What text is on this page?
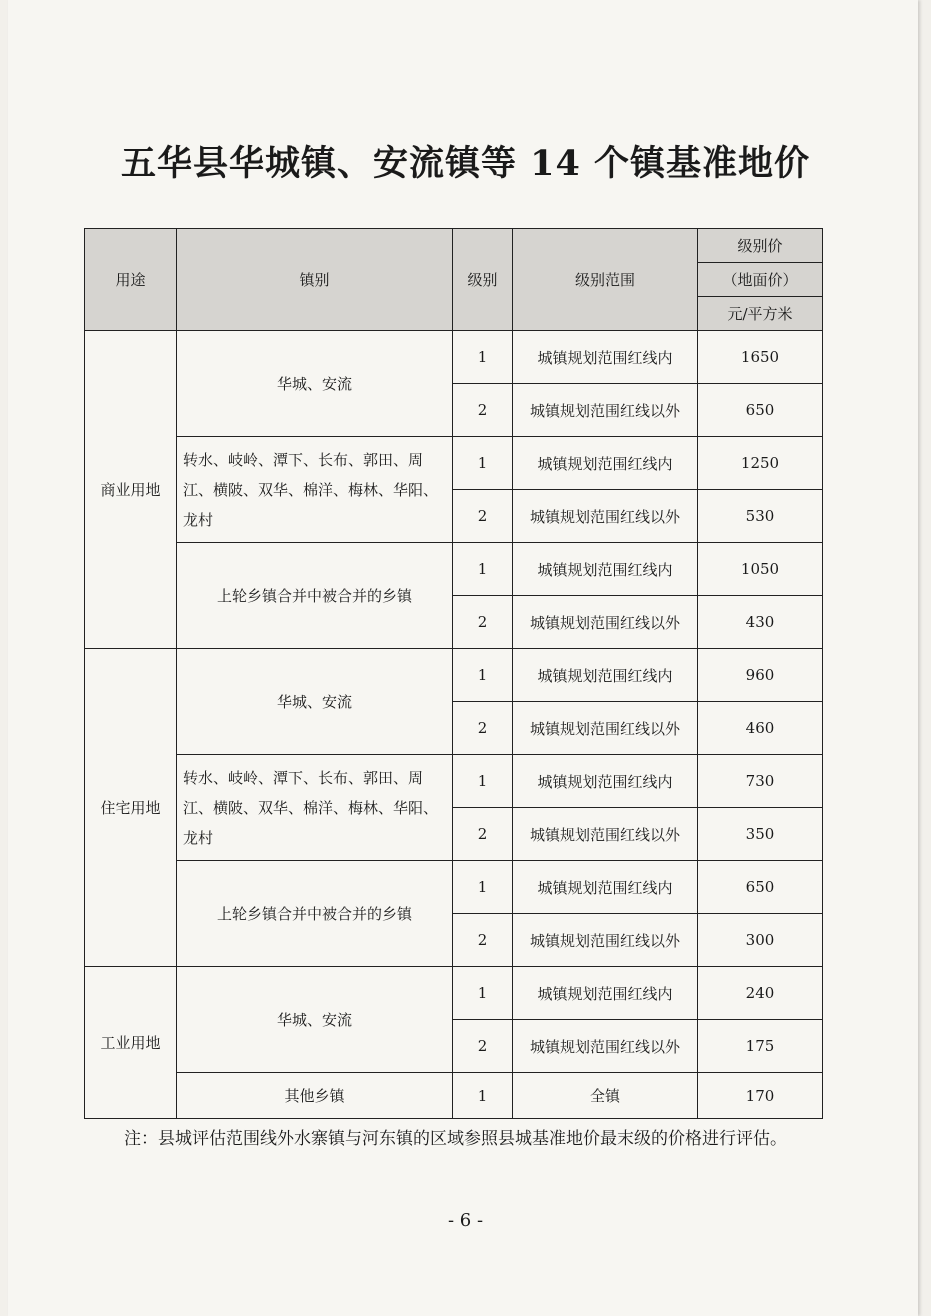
五华县华城镇、安流镇等 14 个镇基准地价
用途	镇别	级别	级别范围	级别价
				（地面价）
				元/平方米
商业用地	华城、安流	1	城镇规划范围红线内	1650
		2	城镇规划范围红线以外	650
	转水、岐岭、潭下、长布、郭田、周江、横陂、双华、棉洋、梅林、华阳、龙村	1	城镇规划范围红线内	1250
		2	城镇规划范围红线以外	530
	上轮乡镇合并中被合并的乡镇	1	城镇规划范围红线内	1050
		2	城镇规划范围红线以外	430
住宅用地	华城、安流	1	城镇规划范围红线内	960
		2	城镇规划范围红线以外	460
	转水、岐岭、潭下、长布、郭田、周江、横陂、双华、棉洋、梅林、华阳、龙村	1	城镇规划范围红线内	730
		2	城镇规划范围红线以外	350
	上轮乡镇合并中被合并的乡镇	1	城镇规划范围红线内	650
		2	城镇规划范围红线以外	300
工业用地	华城、安流	1	城镇规划范围红线内	240
		2	城镇规划范围红线以外	175
	其他乡镇	1	全镇	170
注：县城评估范围线外水寨镇与河东镇的区域参照县城基准地价最末级的价格进行评估。
- 6 -
